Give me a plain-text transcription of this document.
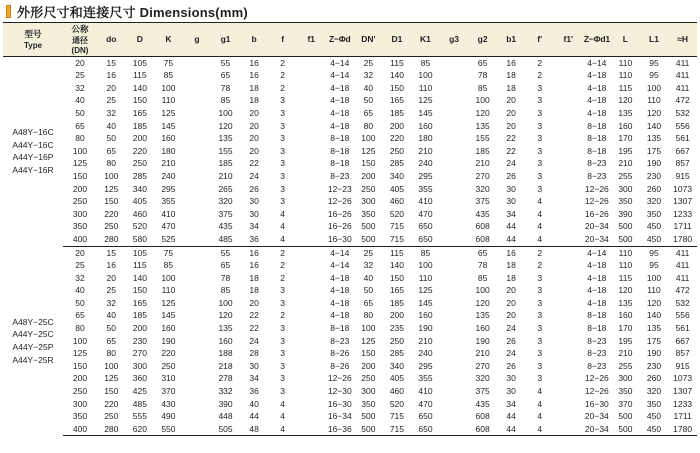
外形尺寸和连接尺寸 Dimensions(mm)
型号
Type	公称
通径
(DN)	do	D	K	g	g1	b	f	f1	Z−Φd	DN'	D1	K1	g3	g2	b1	f'	f1'	Z−Φd1	L	L1	≈H

A48Y−16C
A44Y−16C
A44Y−16P
A44Y−16R	20	15	105	75		55	16	2		4−14	25	115	85		65	16	2		4−14	110	95	411
	25	16	115	85		65	16	2		4−14	32	140	100		78	18	2		4−18	110	95	411
	32	20	140	100		78	18	2		4−18	40	150	110		85	18	3		4−18	115	100	411
	40	25	150	110		85	18	3		4−18	50	165	125		100	20	3		4−18	120	110	472
	50	32	165	125		100	20	3		4−18	65	185	145		120	20	3		4−18	135	120	532
	65	40	185	145		120	20	3		4−18	80	200	160		135	20	3		8−18	160	140	556
	80	50	200	160		135	20	3		8−18	100	220	180		155	22	3		8−18	170	135	561
	100	65	220	180		155	20	3		8−18	125	250	210		185	22	3		8−18	195	175	667
	125	80	250	210		185	22	3		8−18	150	285	240		210	24	3		8−23	210	190	857
	150	100	285	240		210	24	3		8−23	200	340	295		270	26	3		8−23	255	230	915
	200	125	340	295		265	26	3		12−23	250	405	355		320	30	3		12−26	300	260	1073
	250	150	405	355		320	30	3		12−26	300	460	410		375	30	4		12−26	350	320	1307
	300	220	460	410		375	30	4		16−26	350	520	470		435	34	4		16−26	390	350	1233
	350	250	520	470		435	34	4		16−26	500	715	650		608	44	4		20−34	500	450	1711
	400	280	580	525		485	36	4		16−30	500	715	650		608	44	4		20−34	500	450	1780

A48Y−25C
A44Y−25C
A44Y−25P
A44Y−25R	20	15	105	75		55	16	2		4−14	25	115	85		65	16	2		4−14	110	95	411
	25	16	115	85		65	16	2		4−14	32	140	100		78	18	2		4−18	110	95	411
	32	20	140	100		78	18	2		4−18	40	150	110		85	18	3		4−18	115	100	411
	40	25	150	110		85	18	3		4−18	50	165	125		100	20	3		4−18	120	110	472
	50	32	165	125		100	20	3		4−18	65	185	145		120	20	3		4−18	135	120	532
	65	40	185	145		120	22	2		4−18	80	200	160		135	20	3		8−18	160	140	556
	80	50	200	160		135	22	3		8−18	100	235	190		160	24	3		8−18	170	135	561
	100	65	230	190		160	24	3		8−23	125	250	210		190	26	3		8−23	195	175	667
	125	80	270	220		188	28	3		8−26	150	285	240		210	24	3		8−23	210	190	857
	150	100	300	250		218	30	3		8−26	200	340	295		270	26	3		8−23	255	230	915
	200	125	360	310		278	34	3		12−26	250	405	355		320	30	3		12−26	300	260	1073
	250	150	425	370		332	36	3		12−30	300	460	410		375	30	4		12−26	350	320	1307
	300	220	485	430		390	40	4		16−30	350	520	470		435	34	4		16−30	370	350	1233
	350	250	555	490		448	44	4		16−34	500	715	650		608	44	4		20−34	500	450	1711
	400	280	620	550		505	48	4		16−36	500	715	650		608	44	4		20−34	500	450	1780
